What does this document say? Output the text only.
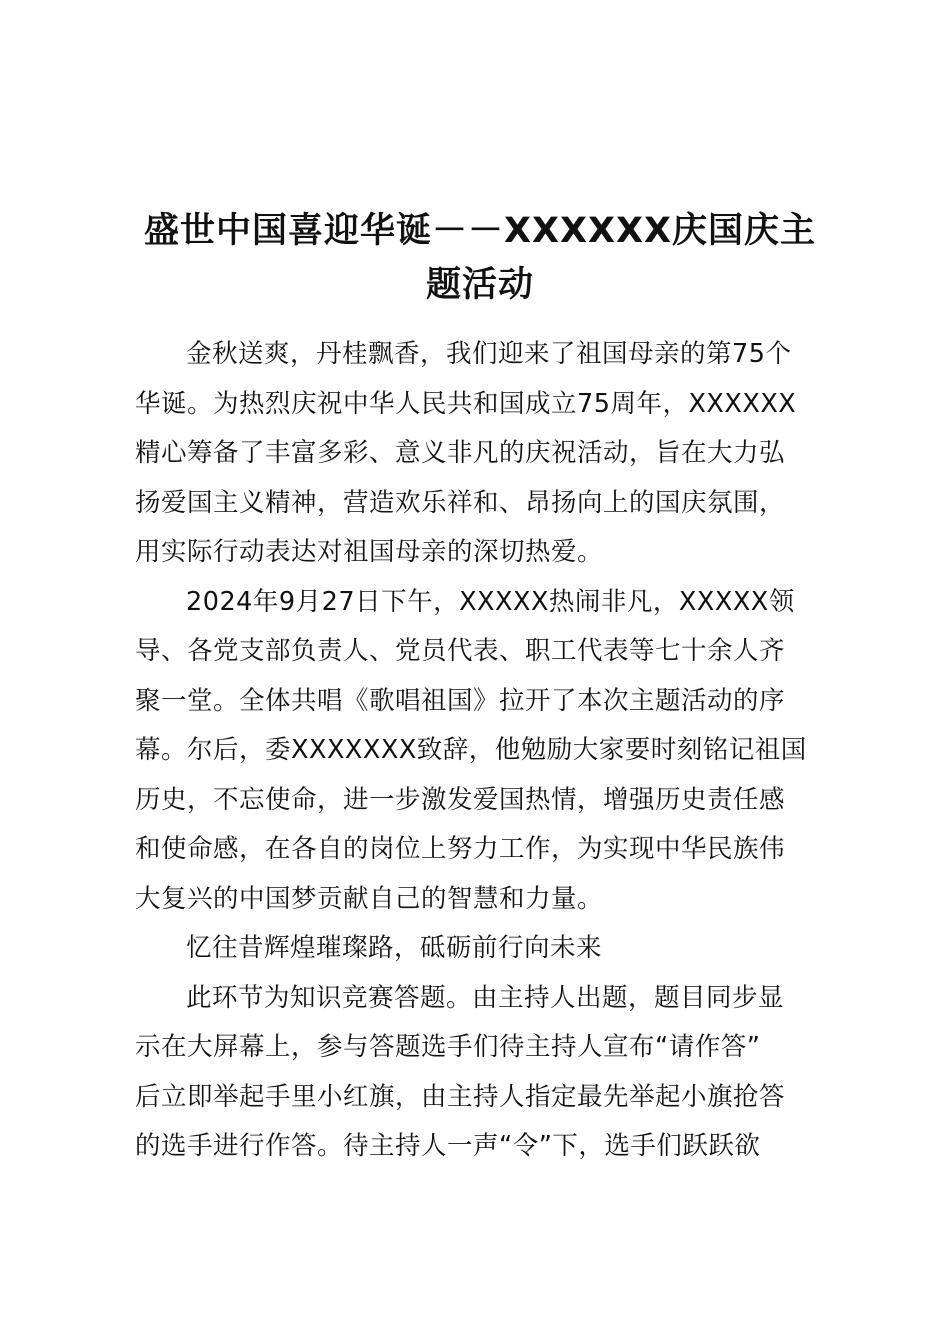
盛世中国喜迎华诞－－XXXXXX庆国庆主
题活动

金秋送爽，丹桂飘香，我们迎来了祖国母亲的第75个
华诞。为热烈庆祝中华人民共和国成立75周年，XXXXXX
精心筹备了丰富多彩、意义非凡的庆祝活动，旨在大力弘
扬爱国主义精神，营造欢乐祥和、昂扬向上的国庆氛围，
用实际行动表达对祖国母亲的深切热爱。

2024年9月27日下午，XXXXX热闹非凡，XXXXX领
导、各党支部负责人、党员代表、职工代表等七十余人齐
聚一堂。全体共唱《歌唱祖国》拉开了本次主题活动的序
幕。尔后，委XXXXXXX致辞，他勉励大家要时刻铭记祖国
历史，不忘使命，进一步激发爱国热情，增强历史责任感
和使命感，在各自的岗位上努力工作，为实现中华民族伟
大复兴的中国梦贡献自己的智慧和力量。

忆往昔辉煌璀璨路，砥砺前行向未来

此环节为知识竞赛答题。由主持人出题，题目同步显
示在大屏幕上，参与答题选手们待主持人宣布“请作答”
后立即举起手里小红旗，由主持人指定最先举起小旗抢答
的选手进行作答。待主持人一声“令”下，选手们跃跃欲
